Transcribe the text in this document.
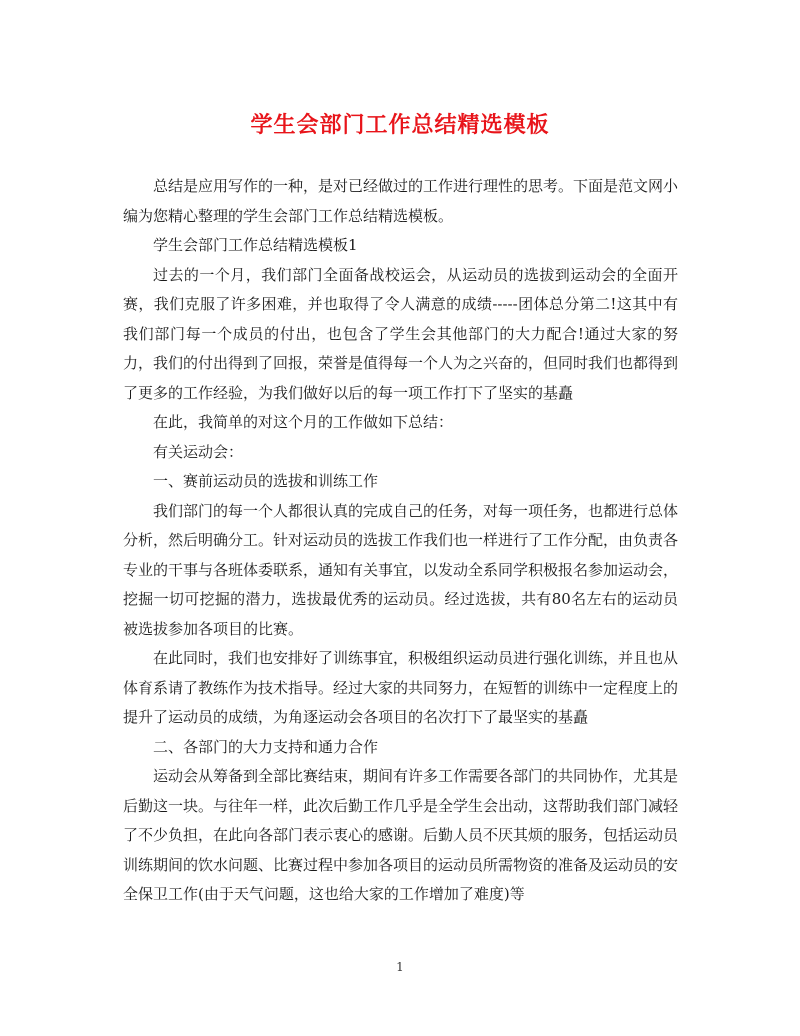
学生会部门工作总结精选模板

总结是应用写作的一种，是对已经做过的工作进行理性的思考。下面是范文网小编为您精心整理的学生会部门工作总结精选模板。

学生会部门工作总结精选模板1

过去的一个月，我们部门全面备战校运会，从运动员的选拔到运动会的全面开赛，我们克服了许多困难，并也取得了令人满意的成绩-----团体总分第二!这其中有我们部门每一个成员的付出，也包含了学生会其他部门的大力配合!通过大家的努力，我们的付出得到了回报，荣誉是值得每一个人为之兴奋的，但同时我们也都得到了更多的工作经验，为我们做好以后的每一项工作打下了坚实的基矗

在此，我简单的对这个月的工作做如下总结：

有关运动会：

一、赛前运动员的选拔和训练工作

我们部门的每一个人都很认真的完成自己的任务，对每一项任务，也都进行总体分析，然后明确分工。针对运动员的选拔工作我们也一样进行了工作分配，由负责各专业的干事与各班体委联系，通知有关事宜，以发动全系同学积极报名参加运动会，挖掘一切可挖掘的潜力，选拔最优秀的运动员。经过选拔，共有80名左右的运动员被选拔参加各项目的比赛。

在此同时，我们也安排好了训练事宜，积极组织运动员进行强化训练，并且也从体育系请了教练作为技术指导。经过大家的共同努力，在短暂的训练中一定程度上的提升了运动员的成绩，为角逐运动会各项目的名次打下了最坚实的基矗

二、各部门的大力支持和通力合作

运动会从筹备到全部比赛结束，期间有许多工作需要各部门的共同协作，尤其是后勤这一块。与往年一样，此次后勤工作几乎是全学生会出动，这帮助我们部门减轻了不少负担，在此向各部门表示衷心的感谢。后勤人员不厌其烦的服务，包括运动员训练期间的饮水问题、比赛过程中参加各项目的运动员所需物资的准备及运动员的安全保卫工作(由于天气问题，这也给大家的工作增加了难度)等

1
